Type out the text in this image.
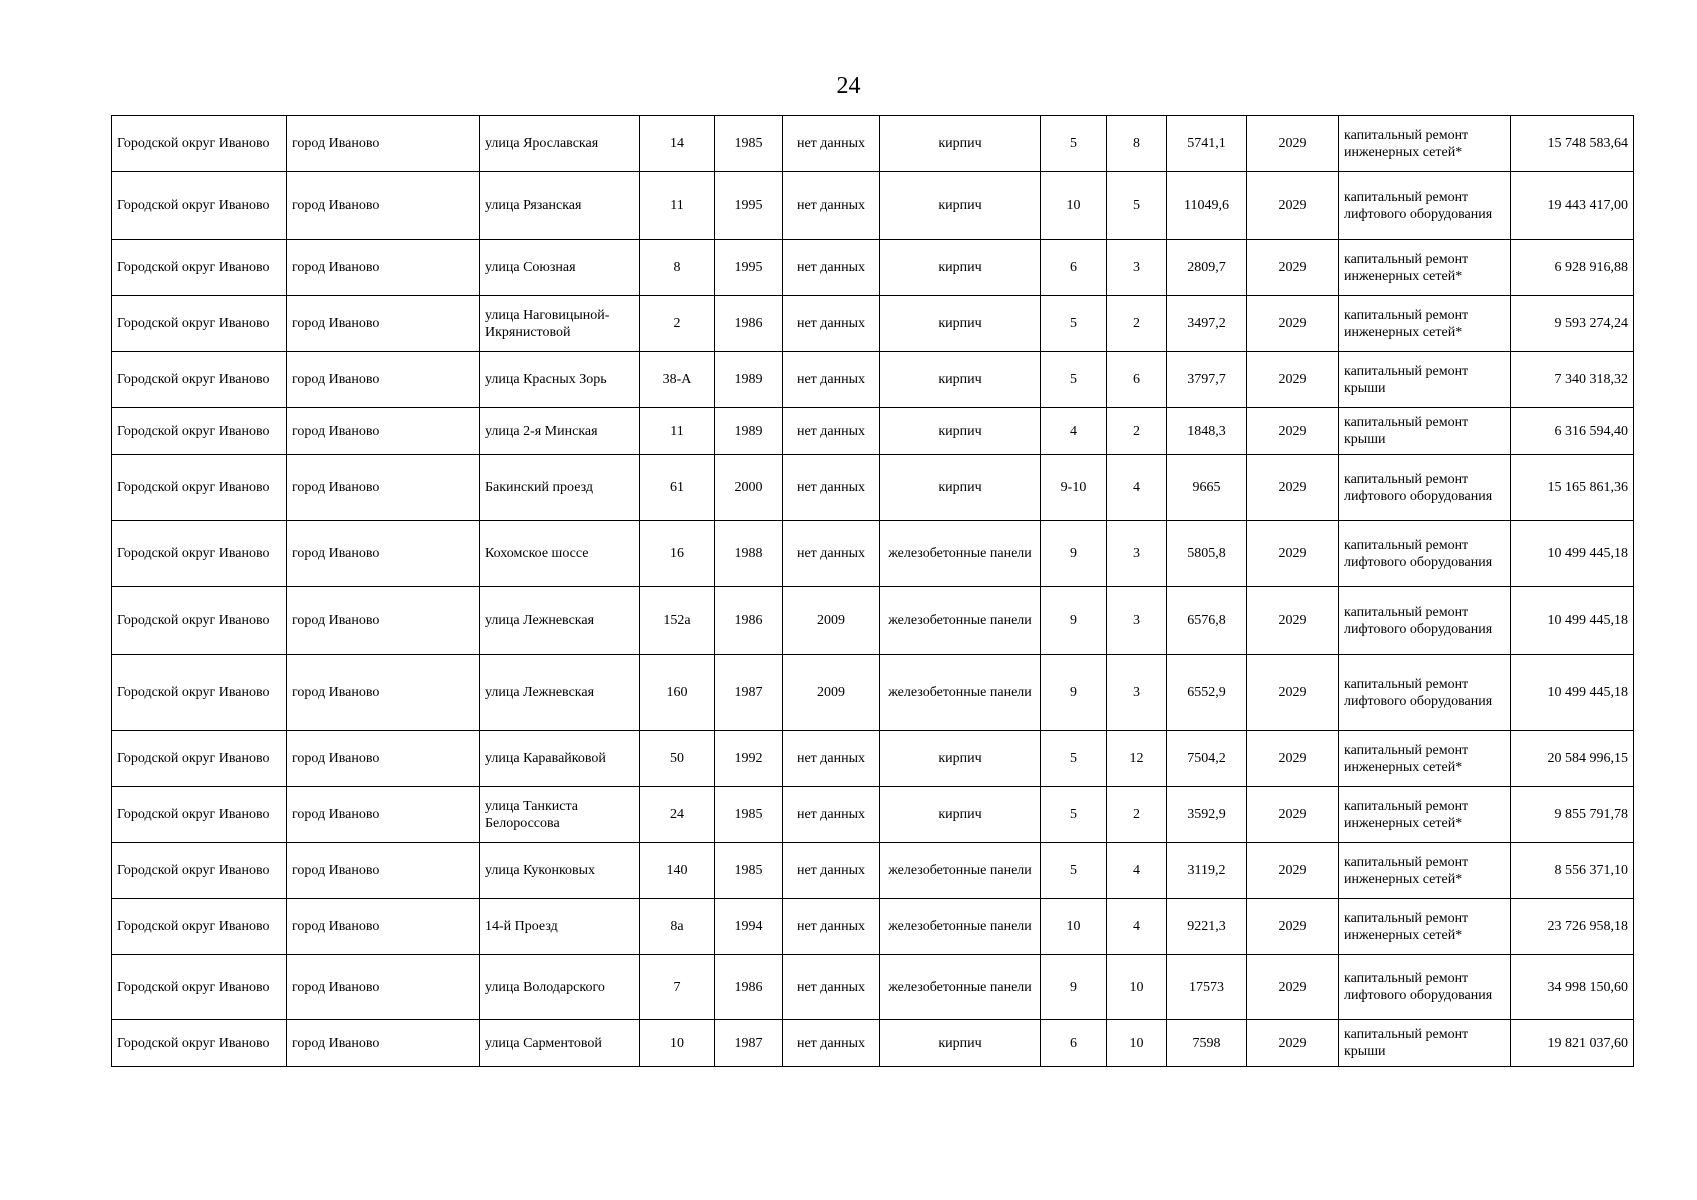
24
Городской округ Иваново	город Иваново	улица Ярославская	14	1985	нет данных	кирпич	5	8	5741,1	2029	капитальный ремонт инженерных сетей*	15 748 583,64
Городской округ Иваново	город Иваново	улица Рязанская	11	1995	нет данных	кирпич	10	5	11049,6	2029	капитальный ремонт лифтового оборудования	19 443 417,00
Городской округ Иваново	город Иваново	улица Союзная	8	1995	нет данных	кирпич	6	3	2809,7	2029	капитальный ремонт инженерных сетей*	6 928 916,88
Городской округ Иваново	город Иваново	улица Наговицыной-Икрянистовой	2	1986	нет данных	кирпич	5	2	3497,2	2029	капитальный ремонт инженерных сетей*	9 593 274,24
Городской округ Иваново	город Иваново	улица Красных Зорь	38-А	1989	нет данных	кирпич	5	6	3797,7	2029	капитальный ремонт крыши	7 340 318,32
Городской округ Иваново	город Иваново	улица 2-я Минская	11	1989	нет данных	кирпич	4	2	1848,3	2029	капитальный ремонт крыши	6 316 594,40
Городской округ Иваново	город Иваново	Бакинский проезд	61	2000	нет данных	кирпич	9-10	4	9665	2029	капитальный ремонт лифтового оборудования	15 165 861,36
Городской округ Иваново	город Иваново	Кохомское шоссе	16	1988	нет данных	железобетонные панели	9	3	5805,8	2029	капитальный ремонт лифтового оборудования	10 499 445,18
Городской округ Иваново	город Иваново	улица Лежневская	152а	1986	2009	железобетонные панели	9	3	6576,8	2029	капитальный ремонт лифтового оборудования	10 499 445,18
Городской округ Иваново	город Иваново	улица Лежневская	160	1987	2009	железобетонные панели	9	3	6552,9	2029	капитальный ремонт лифтового оборудования	10 499 445,18
Городской округ Иваново	город Иваново	улица Каравайковой	50	1992	нет данных	кирпич	5	12	7504,2	2029	капитальный ремонт инженерных сетей*	20 584 996,15
Городской округ Иваново	город Иваново	улица Танкиста Белороссова	24	1985	нет данных	кирпич	5	2	3592,9	2029	капитальный ремонт инженерных сетей*	9 855 791,78
Городской округ Иваново	город Иваново	улица Куконковых	140	1985	нет данных	железобетонные панели	5	4	3119,2	2029	капитальный ремонт инженерных сетей*	8 556 371,10
Городской округ Иваново	город Иваново	14-й Проезд	8а	1994	нет данных	железобетонные панели	10	4	9221,3	2029	капитальный ремонт инженерных сетей*	23 726 958,18
Городской округ Иваново	город Иваново	улица Володарского	7	1986	нет данных	железобетонные панели	9	10	17573	2029	капитальный ремонт лифтового оборудования	34 998 150,60
Городской округ Иваново	город Иваново	улица Сарментовой	10	1987	нет данных	кирпич	6	10	7598	2029	капитальный ремонт крыши	19 821 037,60
